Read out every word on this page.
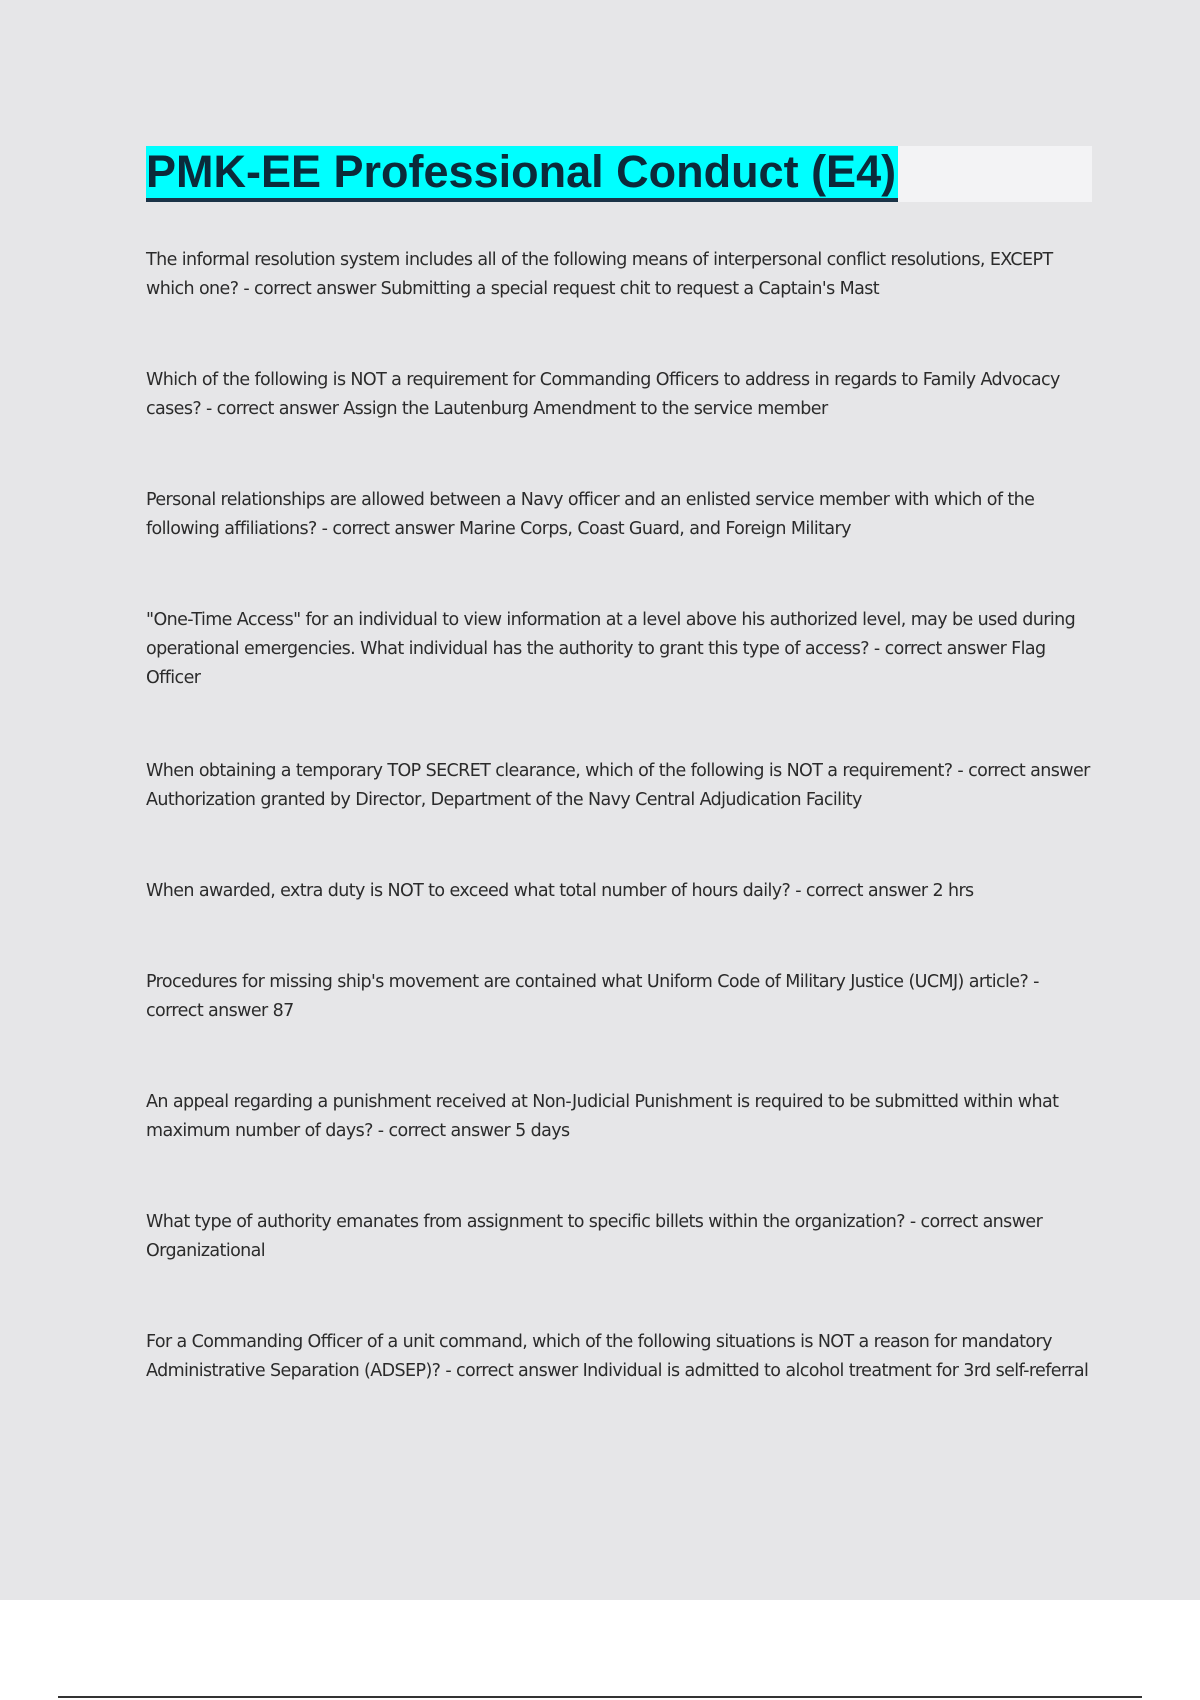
PMK-EE Professional Conduct (E4)

The informal resolution system includes all of the following means of interpersonal conflict resolutions, EXCEPT which one? - correct answer Submitting a special request chit to request a Captain's Mast

Which of the following is NOT a requirement for Commanding Officers to address in regards to Family Advocacy cases? - correct answer Assign the Lautenburg Amendment to the service member

Personal relationships are allowed between a Navy officer and an enlisted service member with which of the following affiliations? - correct answer Marine Corps, Coast Guard, and Foreign Military

"One-Time Access" for an individual to view information at a level above his authorized level, may be used during operational emergencies. What individual has the authority to grant this type of access? - correct answer Flag Officer

When obtaining a temporary TOP SECRET clearance, which of the following is NOT a requirement? - correct answer Authorization granted by Director, Department of the Navy Central Adjudication Facility

When awarded, extra duty is NOT to exceed what total number of hours daily? - correct answer 2 hrs

Procedures for missing ship's movement are contained what Uniform Code of Military Justice (UCMJ) article? - correct answer 87

An appeal regarding a punishment received at Non-Judicial Punishment is required to be submitted within what maximum number of days? - correct answer 5 days

What type of authority emanates from assignment to specific billets within the organization? - correct answer Organizational

For a Commanding Officer of a unit command, which of the following situations is NOT a reason for mandatory Administrative Separation (ADSEP)? - correct answer Individual is admitted to alcohol treatment for 3rd self-referral
